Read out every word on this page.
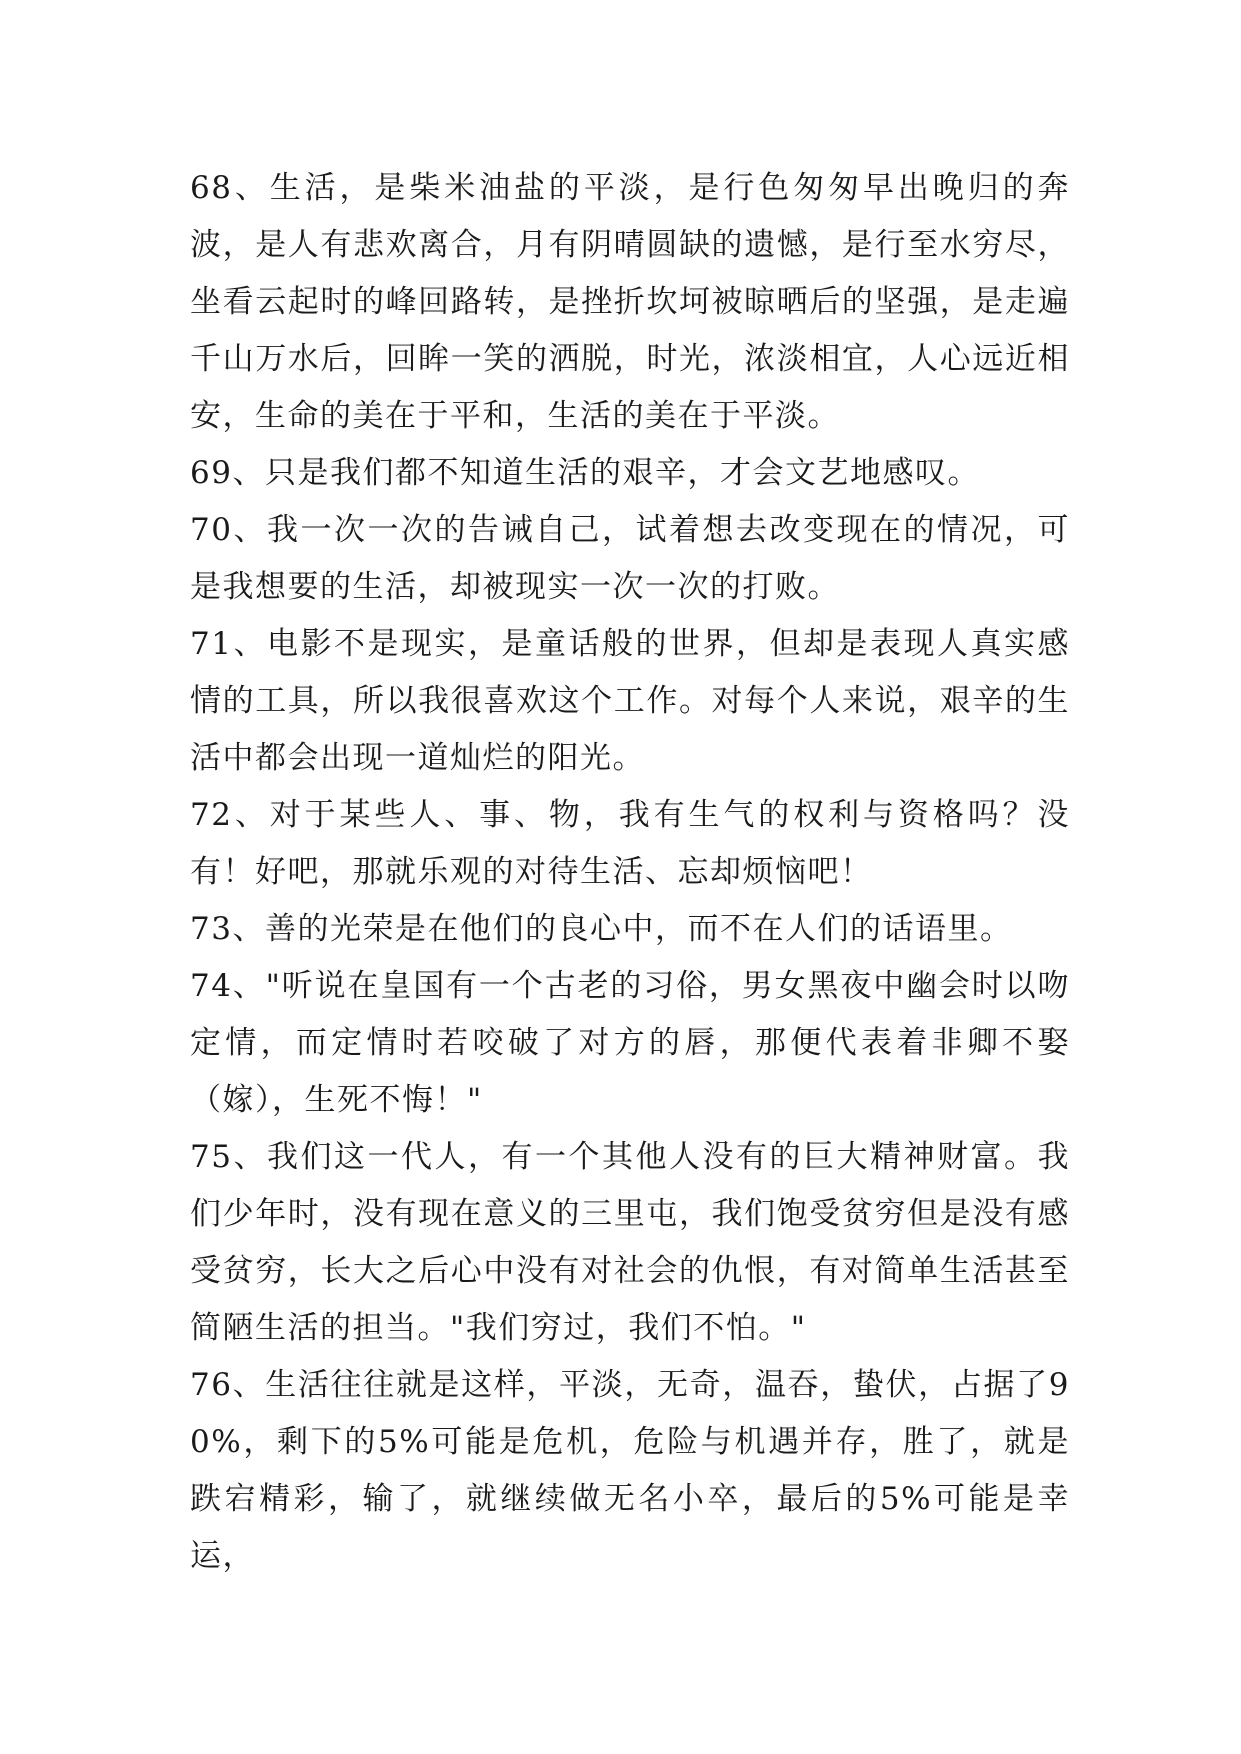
68、生活，是柴米油盐的平淡，是行色匆匆早出晚归的奔波，是人有悲欢离合，月有阴晴圆缺的遗憾，是行至水穷尽，坐看云起时的峰回路转，是挫折坎坷被晾晒后的坚强，是走遍千山万水后，回眸一笑的洒脱，时光，浓淡相宜，人心远近相安，生命的美在于平和，生活的美在于平淡。

69、只是我们都不知道生活的艰辛，才会文艺地感叹。

70、我一次一次的告诫自己，试着想去改变现在的情况，可是我想要的生活，却被现实一次一次的打败。

71、电影不是现实，是童话般的世界，但却是表现人真实感情的工具，所以我很喜欢这个工作。对每个人来说，艰辛的生活中都会出现一道灿烂的阳光。

72、对于某些人、事、物，我有生气的权利与资格吗？没有！好吧，那就乐观的对待生活、忘却烦恼吧！

73、善的光荣是在他们的良心中，而不在人们的话语里。

74、"听说在皇国有一个古老的习俗，男女黑夜中幽会时以吻定情，而定情时若咬破了对方的唇，那便代表着非卿不娶（嫁），生死不悔！"

75、我们这一代人，有一个其他人没有的巨大精神财富。我们少年时，没有现在意义的三里屯，我们饱受贫穷但是没有感受贫穷，长大之后心中没有对社会的仇恨，有对简单生活甚至简陋生活的担当。"我们穷过，我们不怕。"

76、生活往往就是这样，平淡，无奇，温吞，蛰伏，占据了90%，剩下的5%可能是危机，危险与机遇并存，胜了，就是跌宕精彩，输了，就继续做无名小卒，最后的5%可能是幸运，
